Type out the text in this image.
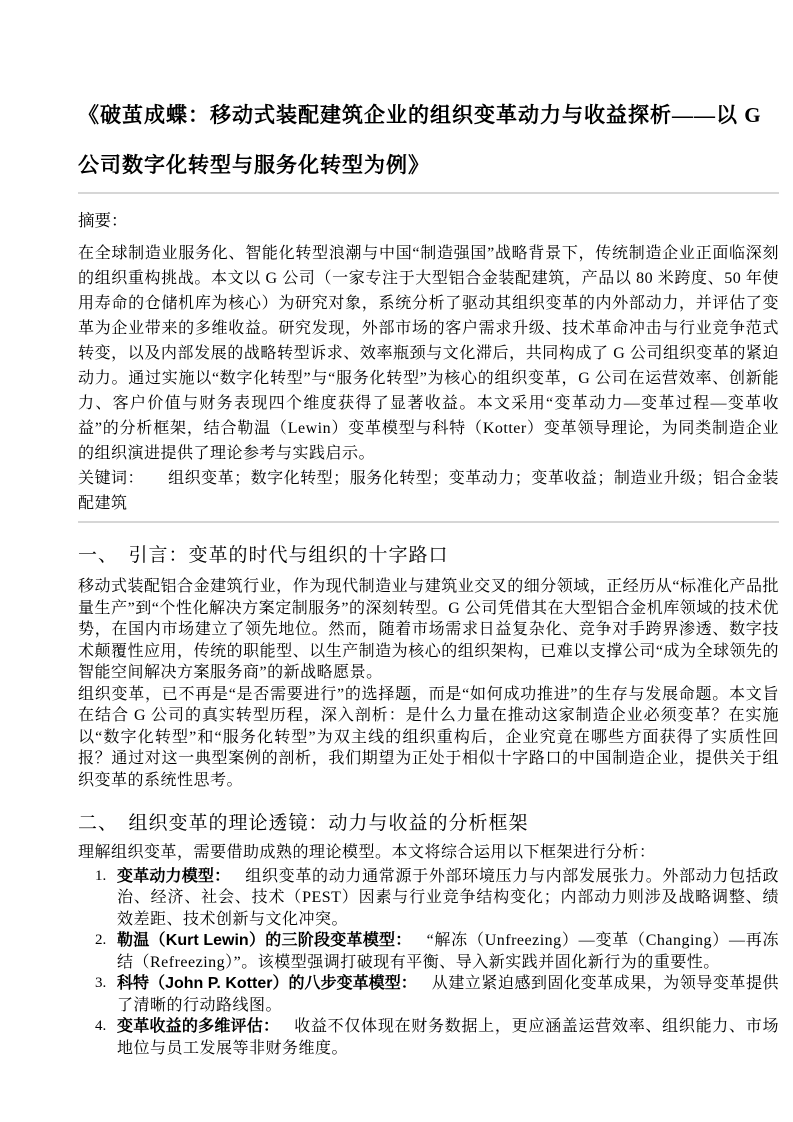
《破茧成蝶：移动式装配建筑企业的组织变革动力与收益探析——以 G 公司数字化转型与服务化转型为例》

摘要：

在全球制造业服务化、智能化转型浪潮与中国“制造强国”战略背景下，传统制造企业正面临深刻的组织重构挑战。本文以 G 公司（一家专注于大型铝合金装配建筑，产品以 80 米跨度、50 年使用寿命的仓储机库为核心）为研究对象，系统分析了驱动其组织变革的内外部动力，并评估了变革为企业带来的多维收益。研究发现，外部市场的客户需求升级、技术革命冲击与行业竞争范式转变，以及内部发展的战略转型诉求、效率瓶颈与文化滞后，共同构成了 G 公司组织变革的紧迫动力。通过实施以“数字化转型”与“服务化转型”为核心的组织变革，G 公司在运营效率、创新能力、客户价值与财务表现四个维度获得了显著收益。本文采用“变革动力—变革过程—变革收益”的分析框架，结合勒温（Lewin）变革模型与科特（Kotter）变革领导理论，为同类制造企业的组织演进提供了理论参考与实践启示。

关键词： 组织变革；数字化转型；服务化转型；变革动力；变革收益；制造业升级；铝合金装配建筑

一、　引言：变革的时代与组织的十字路口

移动式装配铝合金建筑行业，作为现代制造业与建筑业交叉的细分领域，正经历从“标准化产品批量生产”到“个性化解决方案定制服务”的深刻转型。G 公司凭借其在大型铝合金机库领域的技术优势，在国内市场建立了领先地位。然而，随着市场需求日益复杂化、竞争对手跨界渗透、数字技术颠覆性应用，传统的职能型、以生产制造为核心的组织架构，已难以支撑公司“成为全球领先的智能空间解决方案服务商”的新战略愿景。

组织变革，已不再是“是否需要进行”的选择题，而是“如何成功推进”的生存与发展命题。本文旨在结合 G 公司的真实转型历程，深入剖析：是什么力量在推动这家制造企业必须变革？在实施以“数字化转型”和“服务化转型”为双主线的组织重构后，企业究竟在哪些方面获得了实质性回报？通过对这一典型案例的剖析，我们期望为正处于相似十字路口的中国制造企业，提供关于组织变革的系统性思考。

二、　组织变革的理论透镜：动力与收益的分析框架

理解组织变革，需要借助成熟的理论模型。本文将综合运用以下框架进行分析：

1. 变革动力模型： 组织变革的动力通常源于外部环境压力与内部发展张力。外部动力包括政治、经济、社会、技术（PEST）因素与行业竞争结构变化；内部动力则涉及战略调整、绩效差距、技术创新与文化冲突。
2. 勒温（Kurt Lewin）的三阶段变革模型： “解冻（Unfreezing）—变革（Changing）—再冻结（Refreezing）”。该模型强调打破现有平衡、导入新实践并固化新行为的重要性。
3. 科特（John P. Kotter）的八步变革模型： 从建立紧迫感到固化变革成果，为领导变革提供了清晰的行动路线图。
4. 变革收益的多维评估： 收益不仅体现在财务数据上，更应涵盖运营效率、组织能力、市场地位与员工发展等非财务维度。
